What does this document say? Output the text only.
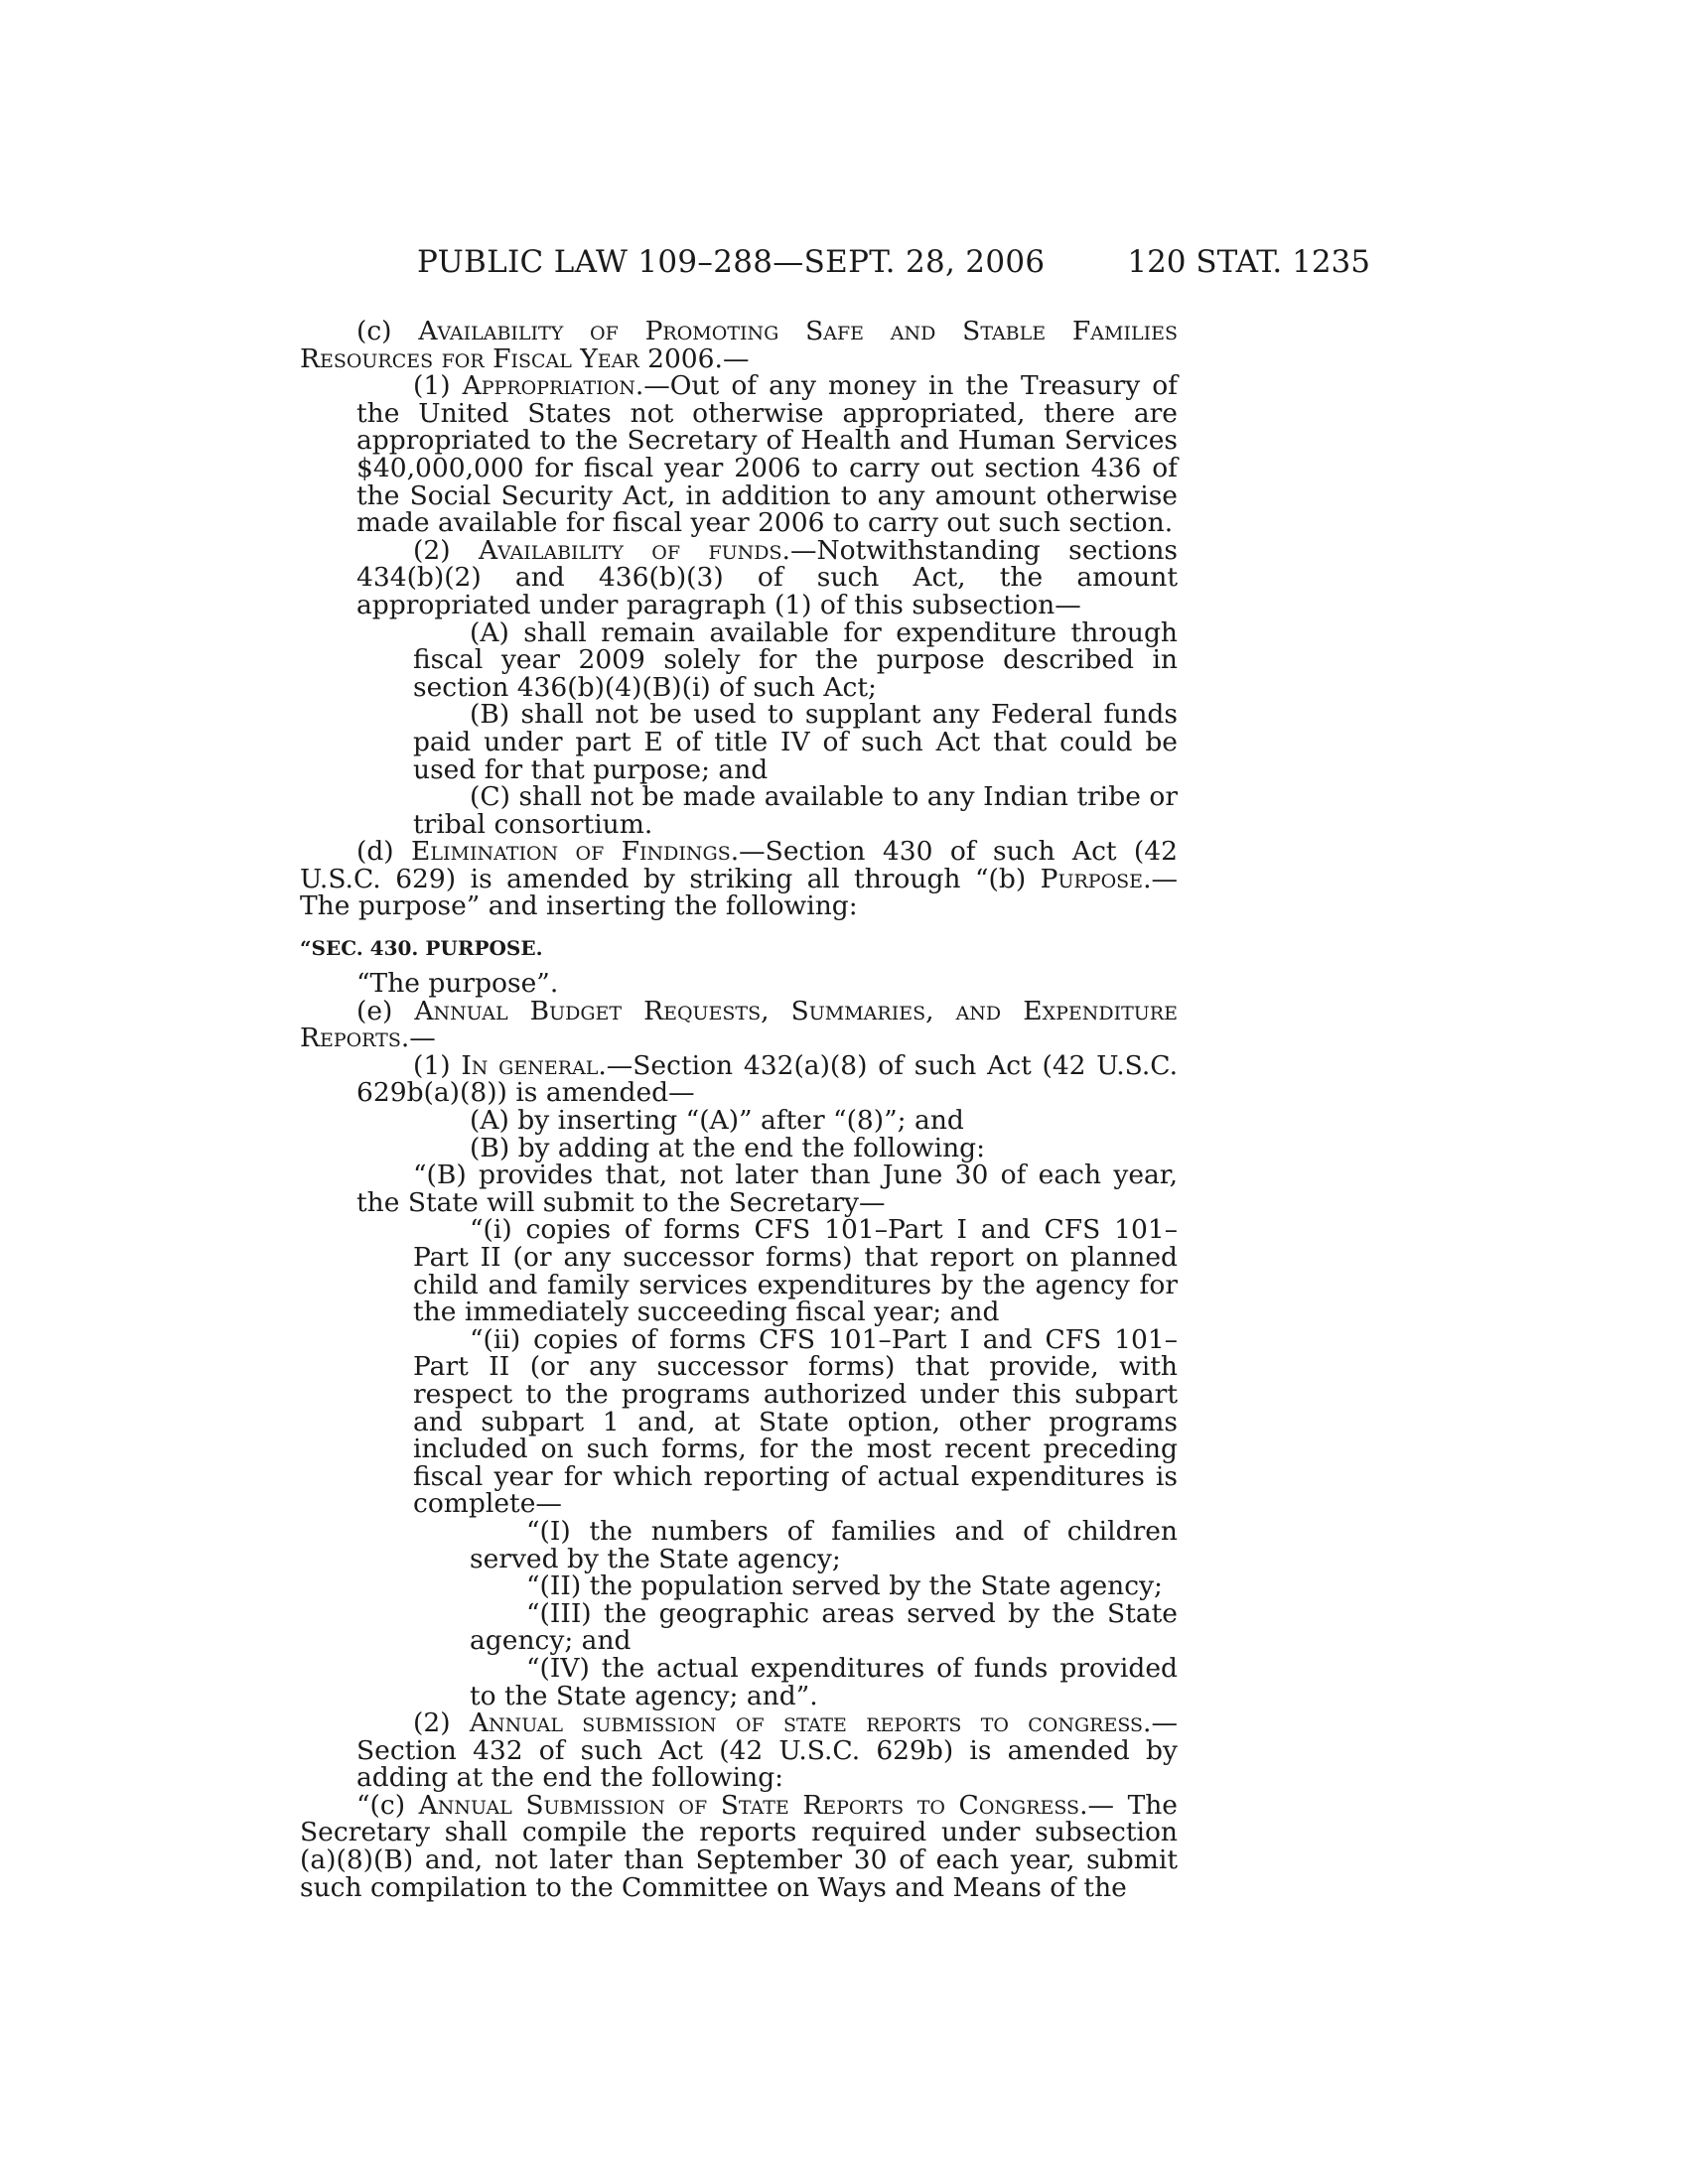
PUBLIC LAW 109–288—SEPT. 28, 2006	120 STAT. 1235

(c) Availability of Promoting Safe and Stable Families Resources for Fiscal Year 2006.—

(1) Appropriation.—Out of any money in the Treasury of the United States not otherwise appropriated, there are appropriated to the Secretary of Health and Human Services $40,000,000 for fiscal year 2006 to carry out section 436 of the Social Security Act, in addition to any amount otherwise made available for fiscal year 2006 to carry out such section.

(2) Availability of funds.—Notwithstanding sections 434(b)(2) and 436(b)(3) of such Act, the amount appropriated under paragraph (1) of this subsection—

(A) shall remain available for expenditure through fiscal year 2009 solely for the purpose described in section 436(b)(4)(B)(i) of such Act;

(B) shall not be used to supplant any Federal funds paid under part E of title IV of such Act that could be used for that purpose; and

(C) shall not be made available to any Indian tribe or tribal consortium.

(d) Elimination of Findings.—Section 430 of such Act (42 U.S.C. 629) is amended by striking all through “(b) Purpose.— The purpose” and inserting the following:

“SEC. 430. PURPOSE.

“The purpose”.

(e) Annual Budget Requests, Summaries, and Expenditure Reports.—

(1) In general.—Section 432(a)(8) of such Act (42 U.S.C. 629b(a)(8)) is amended—

(A) by inserting “(A)” after “(8)”; and

(B) by adding at the end the following:

“(B) provides that, not later than June 30 of each year, the State will submit to the Secretary—

“(i) copies of forms CFS 101–Part I and CFS 101– Part II (or any successor forms) that report on planned child and family services expenditures by the agency for the immediately succeeding fiscal year; and

“(ii) copies of forms CFS 101–Part I and CFS 101– Part II (or any successor forms) that provide, with respect to the programs authorized under this subpart and subpart 1 and, at State option, other programs included on such forms, for the most recent preceding fiscal year for which reporting of actual expenditures is complete—

“(I) the numbers of families and of children served by the State agency;

“(II) the population served by the State agency;

“(III) the geographic areas served by the State agency; and

“(IV) the actual expenditures of funds provided to the State agency; and”.

(2) Annual submission of state reports to congress.— Section 432 of such Act (42 U.S.C. 629b) is amended by adding at the end the following:

“(c) Annual Submission of State Reports to Congress.— The Secretary shall compile the reports required under subsection (a)(8)(B) and, not later than September 30 of each year, submit such compilation to the Committee on Ways and Means of the
